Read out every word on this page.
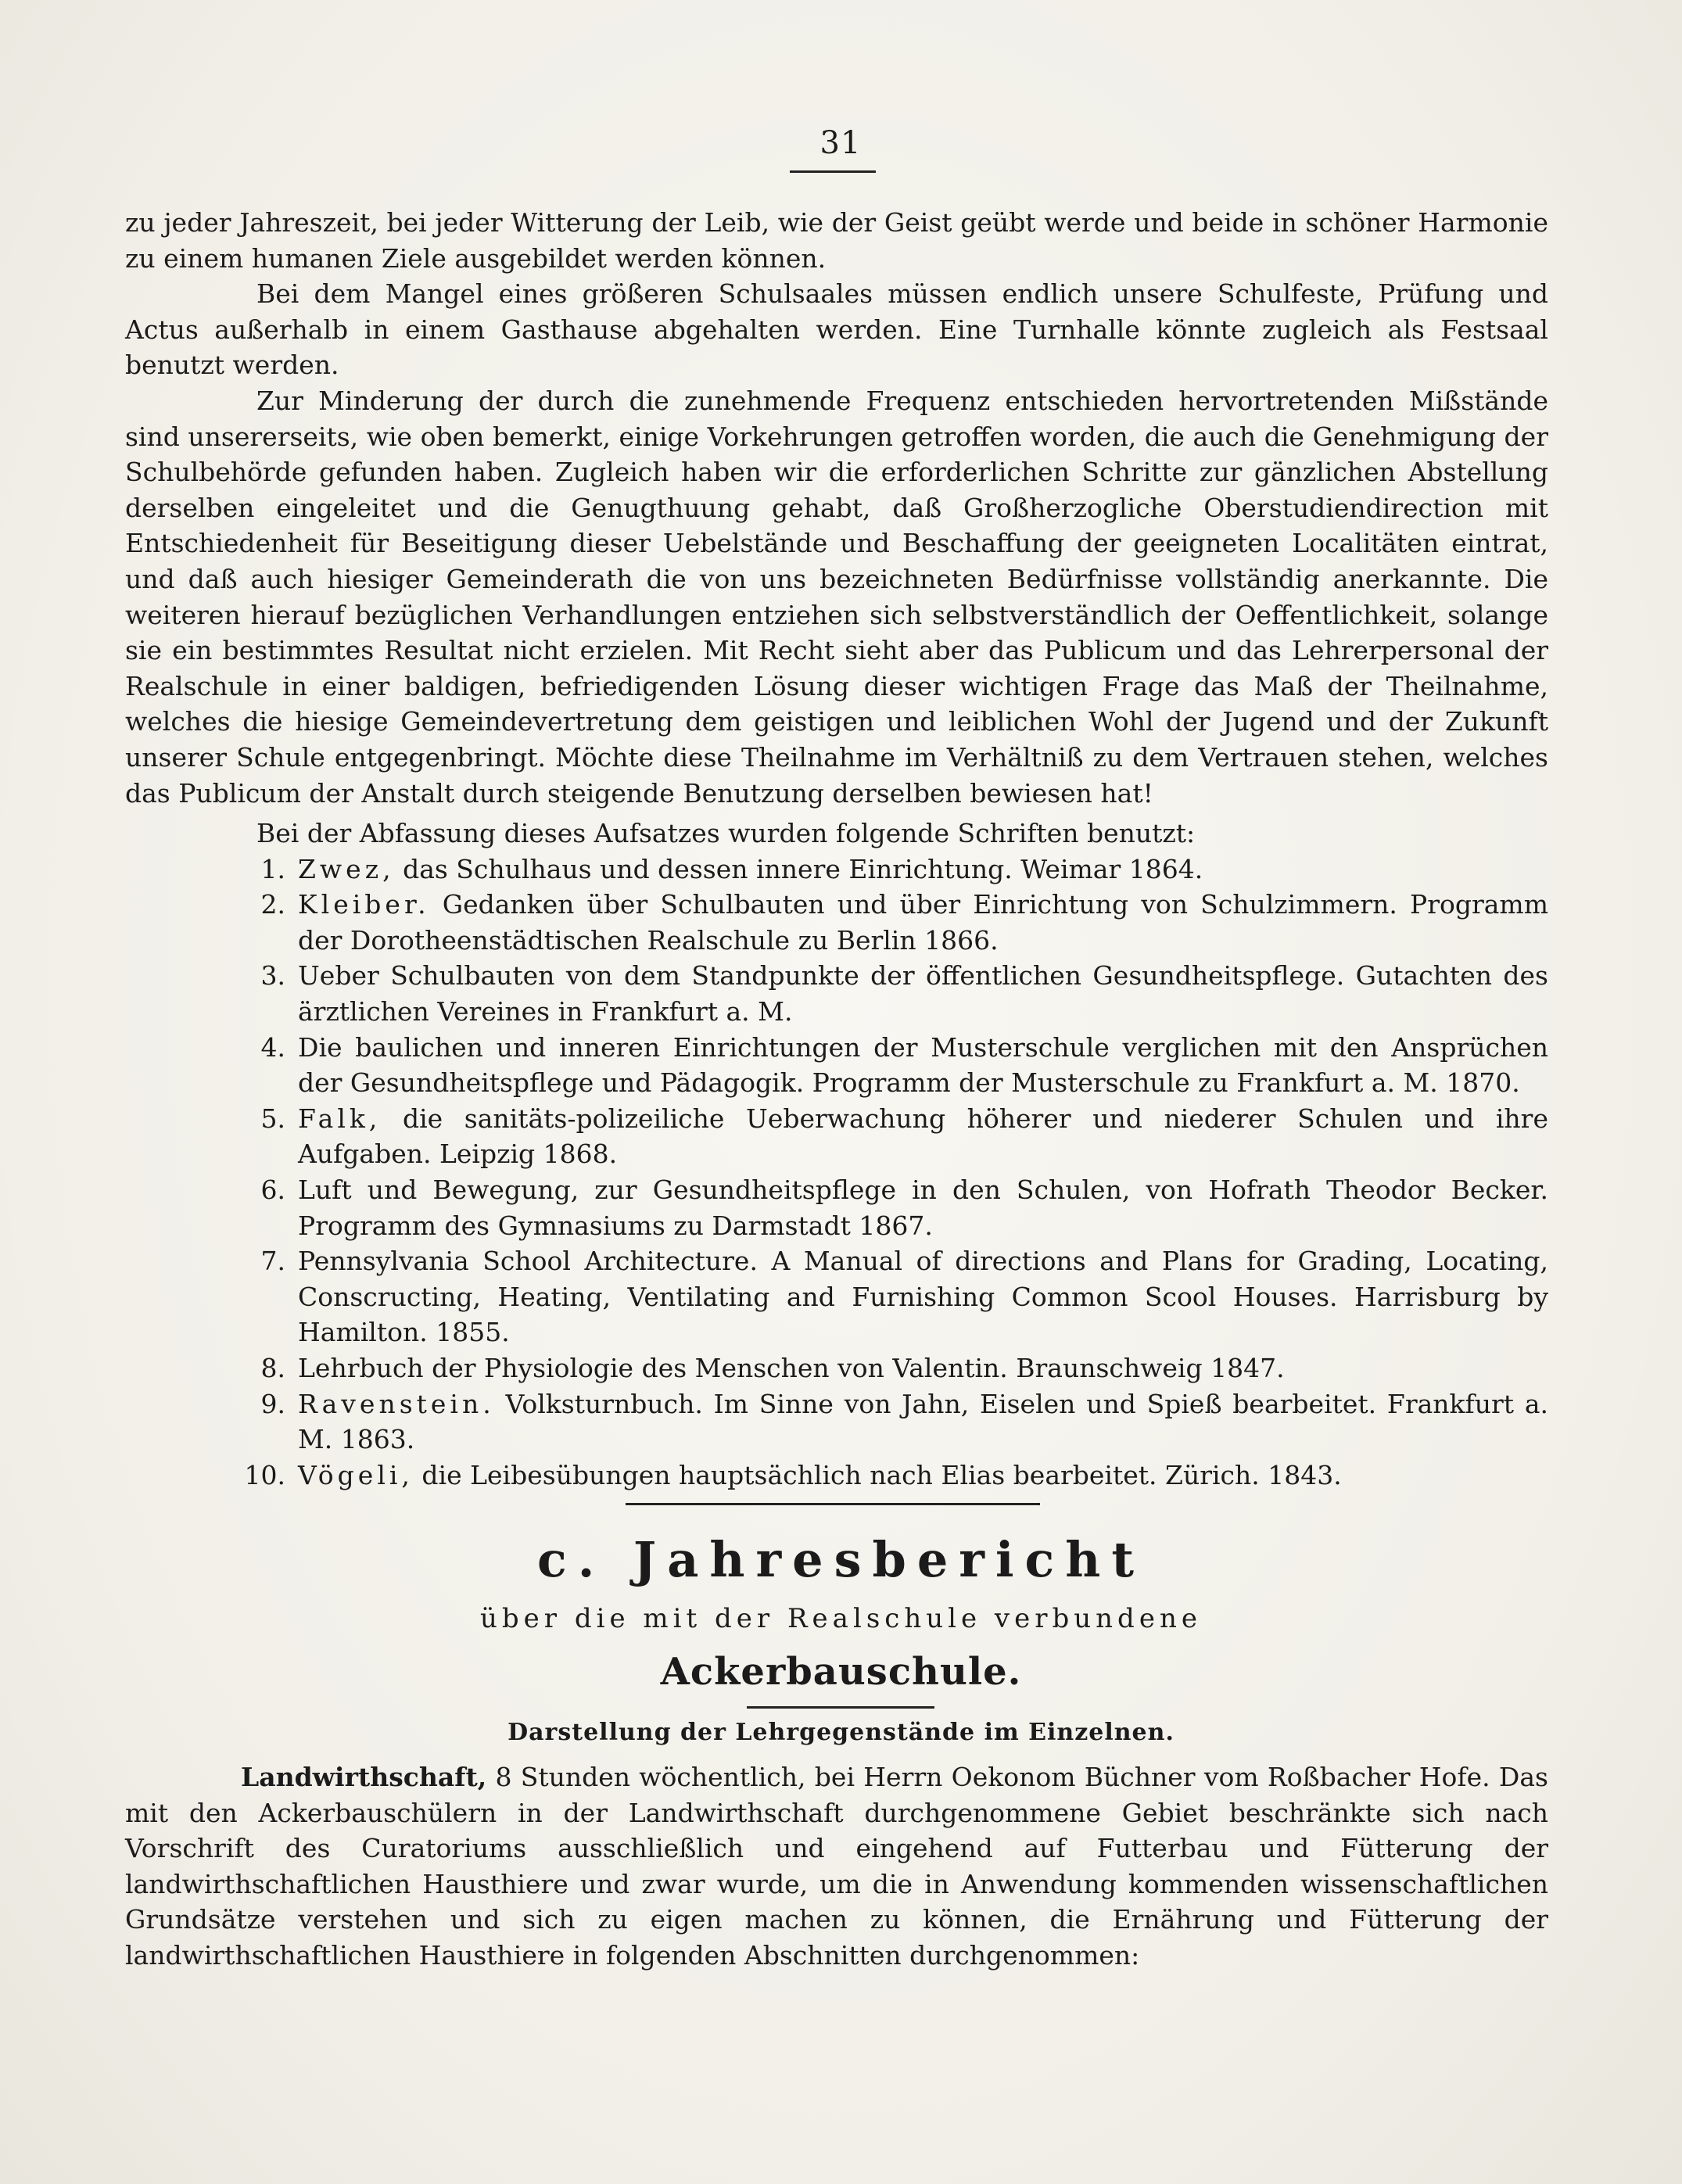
31

zu jeder Jahreszeit, bei jeder Witterung der Leib, wie der Geist geübt werde und beide in schöner Harmonie zu einem humanen Ziele ausgebildet werden können.

Bei dem Mangel eines größeren Schulsaales müssen endlich unsere Schulfeste, Prüfung und Actus außerhalb in einem Gasthause abgehalten werden. Eine Turnhalle könnte zugleich als Festsaal benutzt werden.

Zur Minderung der durch die zunehmende Frequenz entschieden hervortretenden Mißstände sind unsererseits, wie oben bemerkt, einige Vorkehrungen getroffen worden, die auch die Genehmigung der Schulbehörde gefunden haben. Zugleich haben wir die erforderlichen Schritte zur gänzlichen Abstellung derselben eingeleitet und die Genugthuung gehabt, daß Großherzogliche Oberstudiendirection mit Entschiedenheit für Beseitigung dieser Uebelstände und Beschaffung der geeigneten Localitäten eintrat, und daß auch hiesiger Gemeinderath die von uns bezeichneten Bedürfnisse vollständig anerkannte. Die weiteren hierauf bezüglichen Verhandlungen entziehen sich selbstverständlich der Oeffentlichkeit, solange sie ein bestimmtes Resultat nicht erzielen. Mit Recht sieht aber das Publicum und das Lehrerpersonal der Realschule in einer baldigen, befriedigenden Lösung dieser wichtigen Frage das Maß der Theilnahme, welches die hiesige Gemeindevertretung dem geistigen und leiblichen Wohl der Jugend und der Zukunft unserer Schule entgegenbringt. Möchte diese Theilnahme im Verhältniß zu dem Vertrauen stehen, welches das Publicum der Anstalt durch steigende Benutzung derselben bewiesen hat!

Bei der Abfassung dieses Aufsatzes wurden folgende Schriften benutzt:

1. Zwez, das Schulhaus und dessen innere Einrichtung. Weimar 1864.
2. Kleiber. Gedanken über Schulbauten und über Einrichtung von Schulzimmern. Programm der Dorotheenstädtischen Realschule zu Berlin 1866.
3. Ueber Schulbauten von dem Standpunkte der öffentlichen Gesundheitspflege. Gutachten des ärztlichen Vereines in Frankfurt a. M.
4. Die baulichen und inneren Einrichtungen der Musterschule verglichen mit den Ansprüchen der Gesundheitspflege und Pädagogik. Programm der Musterschule zu Frankfurt a. M. 1870.
5. Falk, die sanitäts-polizeiliche Ueberwachung höherer und niederer Schulen und ihre Aufgaben. Leipzig 1868.
6. Luft und Bewegung, zur Gesundheitspflege in den Schulen, von Hofrath Theodor Becker. Programm des Gymnasiums zu Darmstadt 1867.
7. Pennsylvania School Architecture. A Manual of directions and Plans for Grading, Locating, Conscructing, Heating, Ventilating and Furnishing Common Scool Houses. Harrisburg by Hamilton. 1855.
8. Lehrbuch der Physiologie des Menschen von Valentin. Braunschweig 1847.
9. Ravenstein. Volksturnbuch. Im Sinne von Jahn, Eiselen und Spieß bearbeitet. Frankfurt a. M. 1863.
10. Vögeli, die Leibesübungen hauptsächlich nach Elias bearbeitet. Zürich. 1843.
c. Jahresbericht
über die mit der Realschule verbundene
Ackerbauschule.
Darstellung der Lehrgegenstände im Einzelnen.

Landwirthschaft, 8 Stunden wöchentlich, bei Herrn Oekonom Büchner vom Roßbacher Hofe. Das mit den Ackerbauschülern in der Landwirthschaft durchgenommene Gebiet beschränkte sich nach Vorschrift des Curatoriums ausschließlich und eingehend auf Futterbau und Fütterung der landwirthschaftlichen Hausthiere und zwar wurde, um die in Anwendung kommenden wissenschaftlichen Grundsätze verstehen und sich zu eigen machen zu können, die Ernährung und Fütterung der landwirthschaftlichen Hausthiere in folgenden Abschnitten durchgenommen:
